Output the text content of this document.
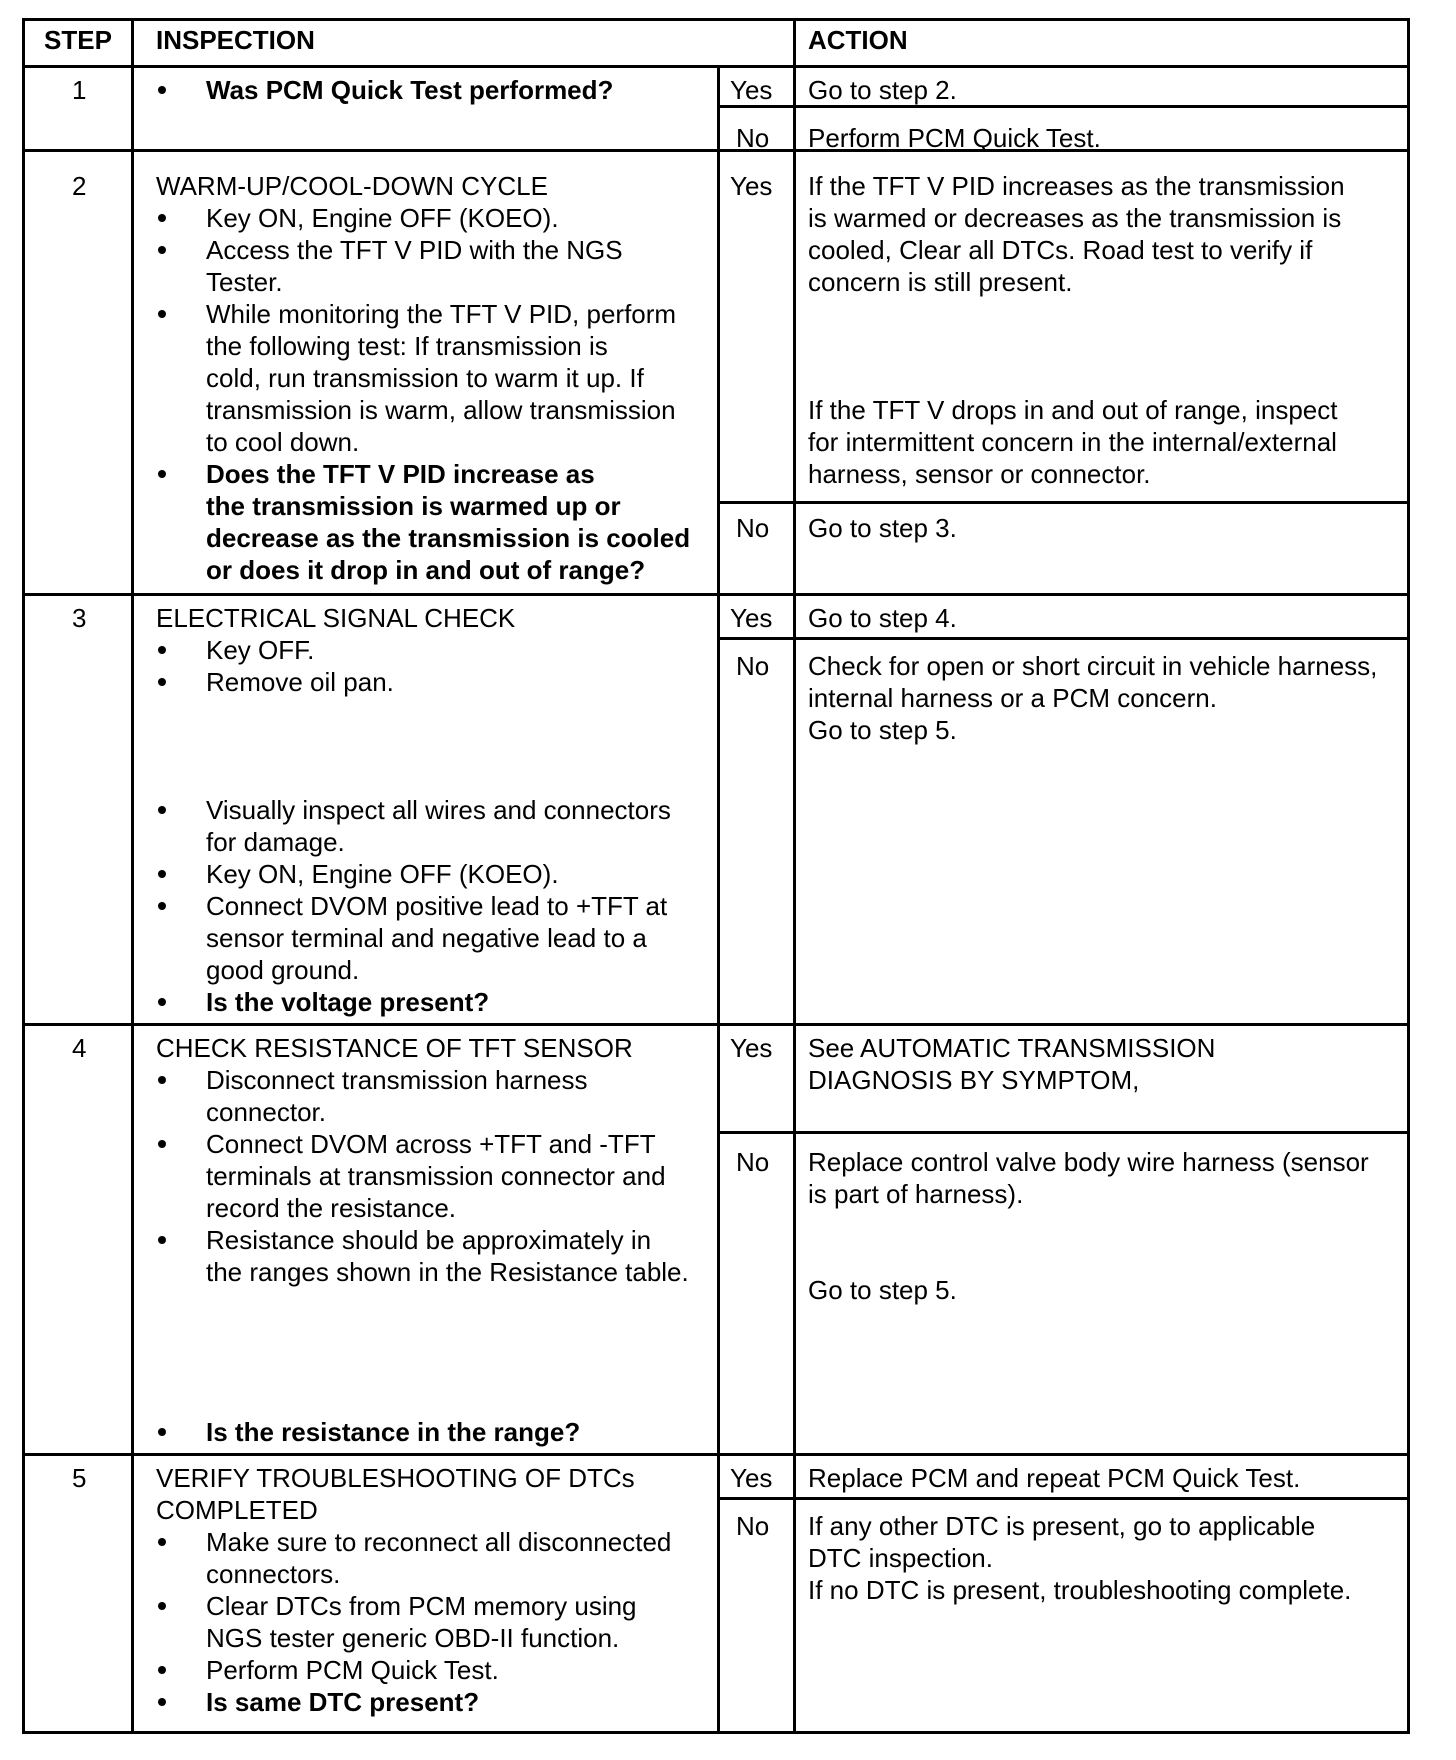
STEP INSPECTION	ACTION
1	Was PCM Quick Test performed?	Yes Go to step 2.
No Perform PCM Quick Test.
2	WARM-UP/COOL-DOWN CYCLE
Key ON, Engine OFF (KOEO).
Access the TFT V PID with the NGS
Tester.
While monitoring the TFT V PID, perform
the following test: If transmission is
cold, run transmission to warm it up. If
transmission is warm, allow transmission
to cool down.
Does the TFT V PID increase as
the transmission is warmed up or
decrease as the transmission is cooled
or does it drop in and out of range?
Yes If the TFT V PID increases as the transmission
is warmed or decreases as the transmission is
cooled, Clear all DTCs. Road test to verify if
concern is still present.
If the TFT V drops in and out of range, inspect
for intermittent concern in the internal/external
harness, sensor or connector.
No Go to step 3.
3	ELECTRICAL SIGNAL CHECK
Key OFF.
Remove oil pan.
Visually inspect all wires and connectors
for damage.
Key ON, Engine OFF (KOEO).
Connect DVOM positive lead to +TFT at
sensor terminal and negative lead to a
good ground.
Is the voltage present?
Yes Go to step 4.
No Check for open or short circuit in vehicle harness,
internal harness or a PCM concern.
Go to step 5.
4	CHECK RESISTANCE OF TFT SENSOR
Disconnect transmission harness
connector.
Connect DVOM across +TFT and -TFT
terminals at transmission connector and
record the resistance.
Resistance should be approximately in
the ranges shown in the Resistance table.
Is the resistance in the range?
Yes See AUTOMATIC TRANSMISSION
DIAGNOSIS BY SYMPTOM,
No Replace control valve body wire harness (sensor
is part of harness).
Go to step 5.
5	VERIFY TROUBLESHOOTING OF DTCs
COMPLETED
Make sure to reconnect all disconnected
connectors.
Clear DTCs from PCM memory using
NGS tester generic OBD-II function.
Perform PCM Quick Test.
Is same DTC present?
Yes Replace PCM and repeat PCM Quick Test.
No If any other DTC is present, go to applicable
DTC inspection.
If no DTC is present, troubleshooting complete.
